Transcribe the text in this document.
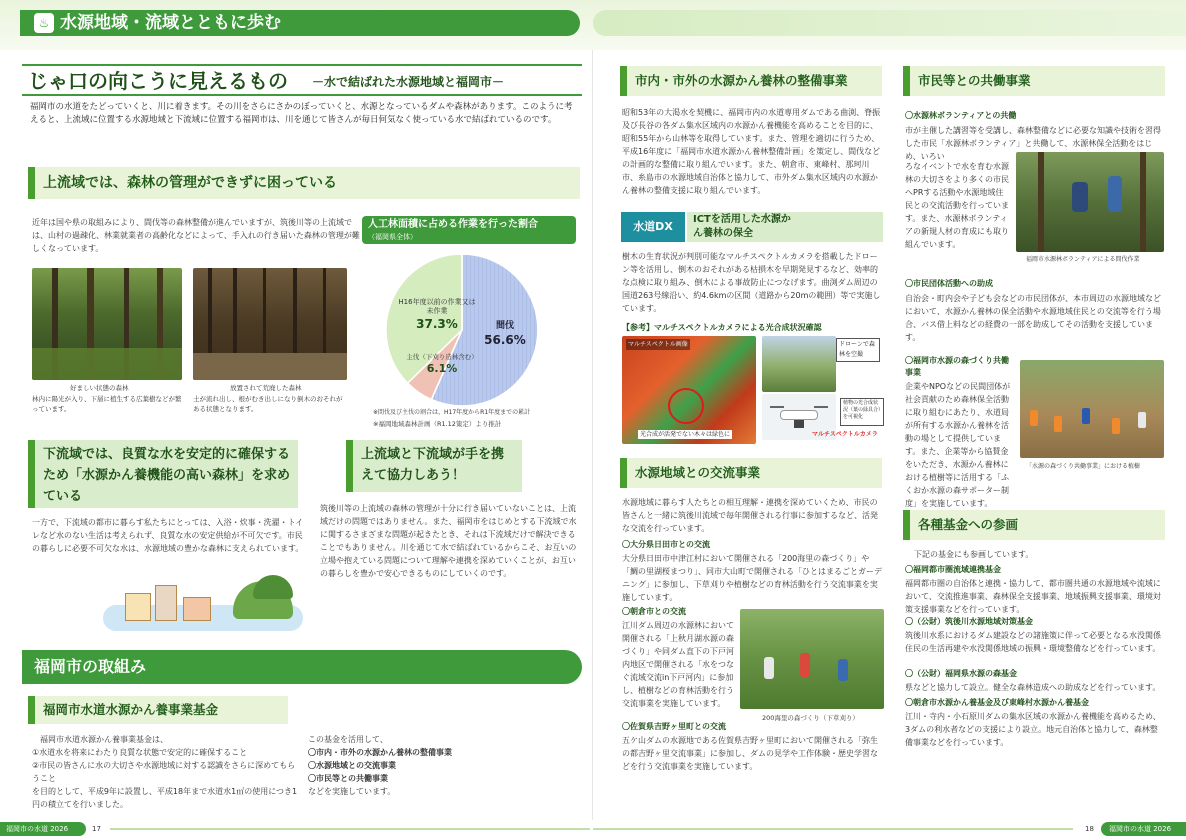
♨ 水源地域・流域とともに歩む
じゃ口の向こうに見えるもの －水で結ばれた水源地域と福岡市－
福岡市の水道をたどっていくと、川に着きます。その川をさらにさかのぼっていくと、水源となっているダムや森林があります。このように考えると、上流域に位置する水源地域と下流域に位置する福岡市は、川を通じて皆さんが毎日何気なく使っている水で結ばれているのです。
上流域では、森林の管理ができずに困っている
近年は国や県の取組みにより、間伐等の森林整備が進んでいますが、筑後川等の上流域では、山村の過疎化、林業就業者の高齢化などによって、手入れの行き届いた森林の管理が難しくなっています。
好ましい状態の森林
林内に陽光が入り、下層に植生する広葉樹などが繁っています。
放置されて荒廃した森林
土が流れ出し、根がむき出しになり倒木のおそれがある状態となります。
人工林面積に占める作業を行った割合
（福岡県全体）
H16年度以前の作業又は未作業
37.3%	間伐
56.6%
主伐（下刈り造林含む）
6.1%
※間伐及び主伐の割合は、H17年度からR1年度までの累計
※福岡地域森林計画（R1.12策定）より推計
下流域では、良質な水を安定的に確保するため「水源かん養機能の高い森林」を求めている
一方で、下流域の都市に暮らす私たちにとっては、入浴・炊事・洗濯・トイレなど水のない生活は考えられず、良質な水の安定供給が不可欠です。市民の暮らしに必要不可欠な水は、水源地域の豊かな森林に支えられています。
上流域と下流域が手を携えて協力しあう！
筑後川等の上流域の森林の管理が十分に行き届いていないことは、上流域だけの問題ではありません。また、福岡市をはじめとする下流域で水に関するさまざまな問題が起きたとき、それは下流域だけで解決できることでもありません。川を通じて水で結ばれているからこそ、お互いの立場や抱えている問題について理解や連携を深めていくことが、お互いの暮らしを豊かで安心できるものにしていくのです。
福岡市の取組み
福岡市水道水源かん養事業基金
福岡市水道水源かん養事業基金は、
①水道水を将来にわたり良質な状態で安定的に確保すること
②市民の皆さんに水の大切さや水源地域に対する認識をさらに深めてもらうこと
を目的として、平成9年に設置し、平成18年まで水道水1㎥の使用につき1円の積立てを行いました。
この基金を活用して、
〇市内・市外の水源かん養林の整備事業
〇水源地域との交流事業
〇市民等との共働事業
などを実施しています。
福岡市の水道 2026	17
市内・市外の水源かん養林の整備事業
昭和53年の大渇水を契機に、福岡市内の水道専用ダムである曲渕、脊振及び長谷の各ダム集水区域内の水源かん養機能を高めることを目的に、昭和55年から山林等を取得しています。また、管理を適切に行うため、平成16年度に「福岡市水道水源かん養林整備計画」を策定し、間伐などの計画的な整備に取り組んでいます。また、朝倉市、東峰村、那珂川市、糸島市の水源地域自治体と協力して、市外ダム集水区域内の水源かん養林の整備支援に取り組んでいます。
水道DX
ICTを活用した水源かん養林の保全
樹木の生育状況が判別可能なマルチスペクトルカメラを搭載したドローン等を活用し、倒木のおそれがある枯損木を早期発見するなど、効率的な点検に取り組み、倒木による事故防止につなげます。曲渕ダム周辺の国道263号線沿い、約4.6kmの区間（道路から20mの範囲）等で実施しています。
【参考】マルチスペクトルカメラによる光合成状況確認
マルチスペクトル画像
光合成が活発でない木々は緑色に
ドローンで森林を空撮
植物の光合成状況（葉の緑具合）を可視化
マルチスペクトルカメラ
水源地域との交流事業
水源地域に暮らす人たちとの相互理解・連携を深めていくため、市民の皆さんと一緒に筑後川流域で毎年開催される行事に参加するなど、活発な交流を行っています。
〇大分県日田市との交流
大分県日田市中津江村において開催される「200海里の森づくり」や「鯛の里湖桜まつり」、同市大山町で開催される「ひとはまるごとガーデニング」に参加し、下草刈りや植樹などの育林活動を行う交流事業を実施しています。
〇朝倉市との交流
江川ダム周辺の水源林において開催される「上秋月湖水源の森づくり」や同ダム直下の下戸河内地区で開催される「水をつなぐ流域交流in下戸河内」に参加し、植樹などの育林活動を行う交流事業を実施しています。
200海里の森づくり（下草刈り）
〇佐賀県吉野ヶ里町との交流
五ケ山ダムの水源地である佐賀県吉野ヶ里町において開催される「弥生の都吉野ヶ里交流事業」に参加し、ダムの見学や工作体験・歴史学習などを行う交流事業を実施しています。
市民等との共働事業
〇水源林ボランティアとの共働
市が主催した講習等を受講し、森林整備などに必要な知識や技術を習得した市民「水源林ボランティア」と共働して、水源林保全活動をはじめ、いろい
ろなイベントで水を育む水源林の大切さをより多くの市民へPRする活動や水源地域住民との交流活動を行っています。また、水源林ボランティアの新規人材の育成にも取り組んでいます。
福岡市水源林ボランティアによる間伐作業
〇市民団体活動への助成
自治会・町内会や子ども会などの市民団体が、本市周辺の水源地域などにおいて、水源かん養林の保全活動や水源地域住民との交流等を行う場合、バス借上料などの経費の一部を助成してその活動を支援しています。
〇福岡市水源の森づくり共働事業
企業やNPOなどの民間団体が社会貢献のため森林保全活動に取り組むにあたり、水道局が所有する水源かん養林を活動の場として提供しています。また、企業等から協賛金をいただき、水源かん養林における植樹等に活用する「ふくおか水源の森サポーター制度」を実施しています。
「水源の森づくり共働事業」における植樹
各種基金への参画
下記の基金にも参画しています。
〇福岡都市圏流域連携基金
福岡都市圏の自治体と連携・協力して、都市圏共通の水源地域や流域において、交流推進事業、森林保全支援事業、地域振興支援事業、環境対策支援事業などを行っています。
〇（公財）筑後川水源地域対策基金
筑後川水系におけるダム建設などの諸施策に伴って必要となる水没関係住民の生活再建や水没関係地域の振興・環境整備などを行っています。
〇（公財）福岡県水源の森基金
県などと協力して設立。健全な森林造成への助成などを行っています。
〇朝倉市水源かん養基金及び東峰村水源かん養基金
江川・寺内・小石原川ダムの集水区域の水源かん養機能を高めるため、3ダムの利水者などの支援により設立。地元自治体と協力して、森林整備事業などを行っています。
18 福岡市の水道 2026
